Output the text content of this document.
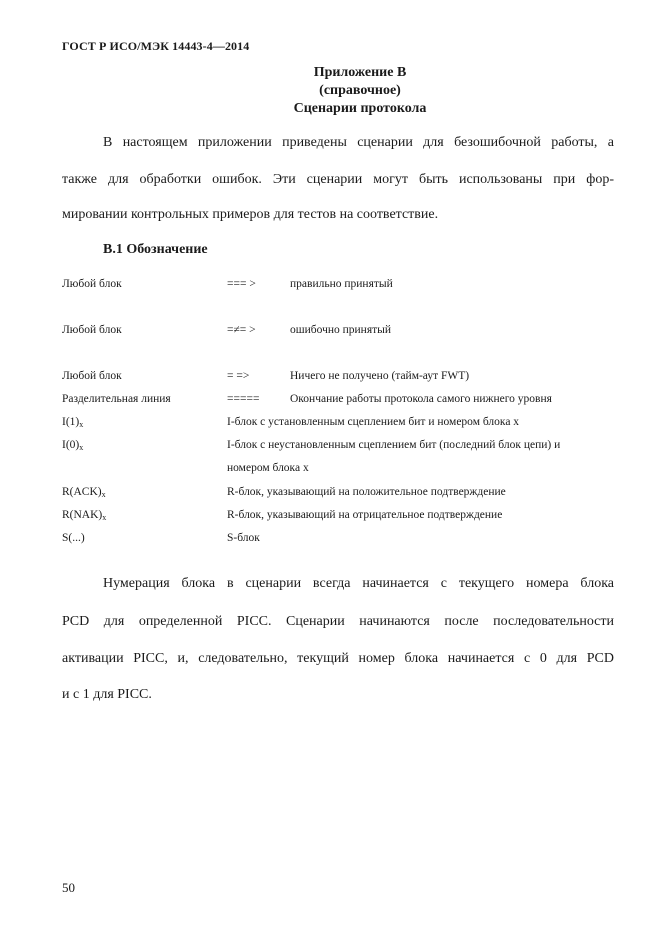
ГОСТ Р ИСО/МЭК 14443-4—2014
Приложение В
(справочное)
Сценарии протокола
В настоящем приложении приведены сценарии для безошибочной работы, а
также для обработки ошибок. Эти сценарии могут быть использованы при фор-
мировании контрольных примеров для тестов на соответствие.
В.1 Обозначение
Любой блок	=== >	правильно принятый
Любой блок	=≠= >	ошибочно принятый
Любой блок	= =>	Ничего не получено (тайм-аут FWT)
Разделительная линия	=====	Окончание работы протокола самого нижнего уровня
$I(1)_x$	I-блок с установленным сцеплением бит и номером блока x
$I(0)_x$	I-блок с неустановленным сцеплением бит (последний блок цепи) и
номером блока x
$R(ACK)_x$	R-блок, указывающий на положительное подтверждение
$R(NAK)_x$	R-блок, указывающий на отрицательное подтверждение
S(...)	S-блок
Нумерация блока в сценарии всегда начинается с текущего номера блока
PCD для определенной PICC. Сценарии начинаются после последовательности
активации PICC, и, следовательно, текущий номер блока начинается с 0 для PCD
и с 1 для PICC.
50
